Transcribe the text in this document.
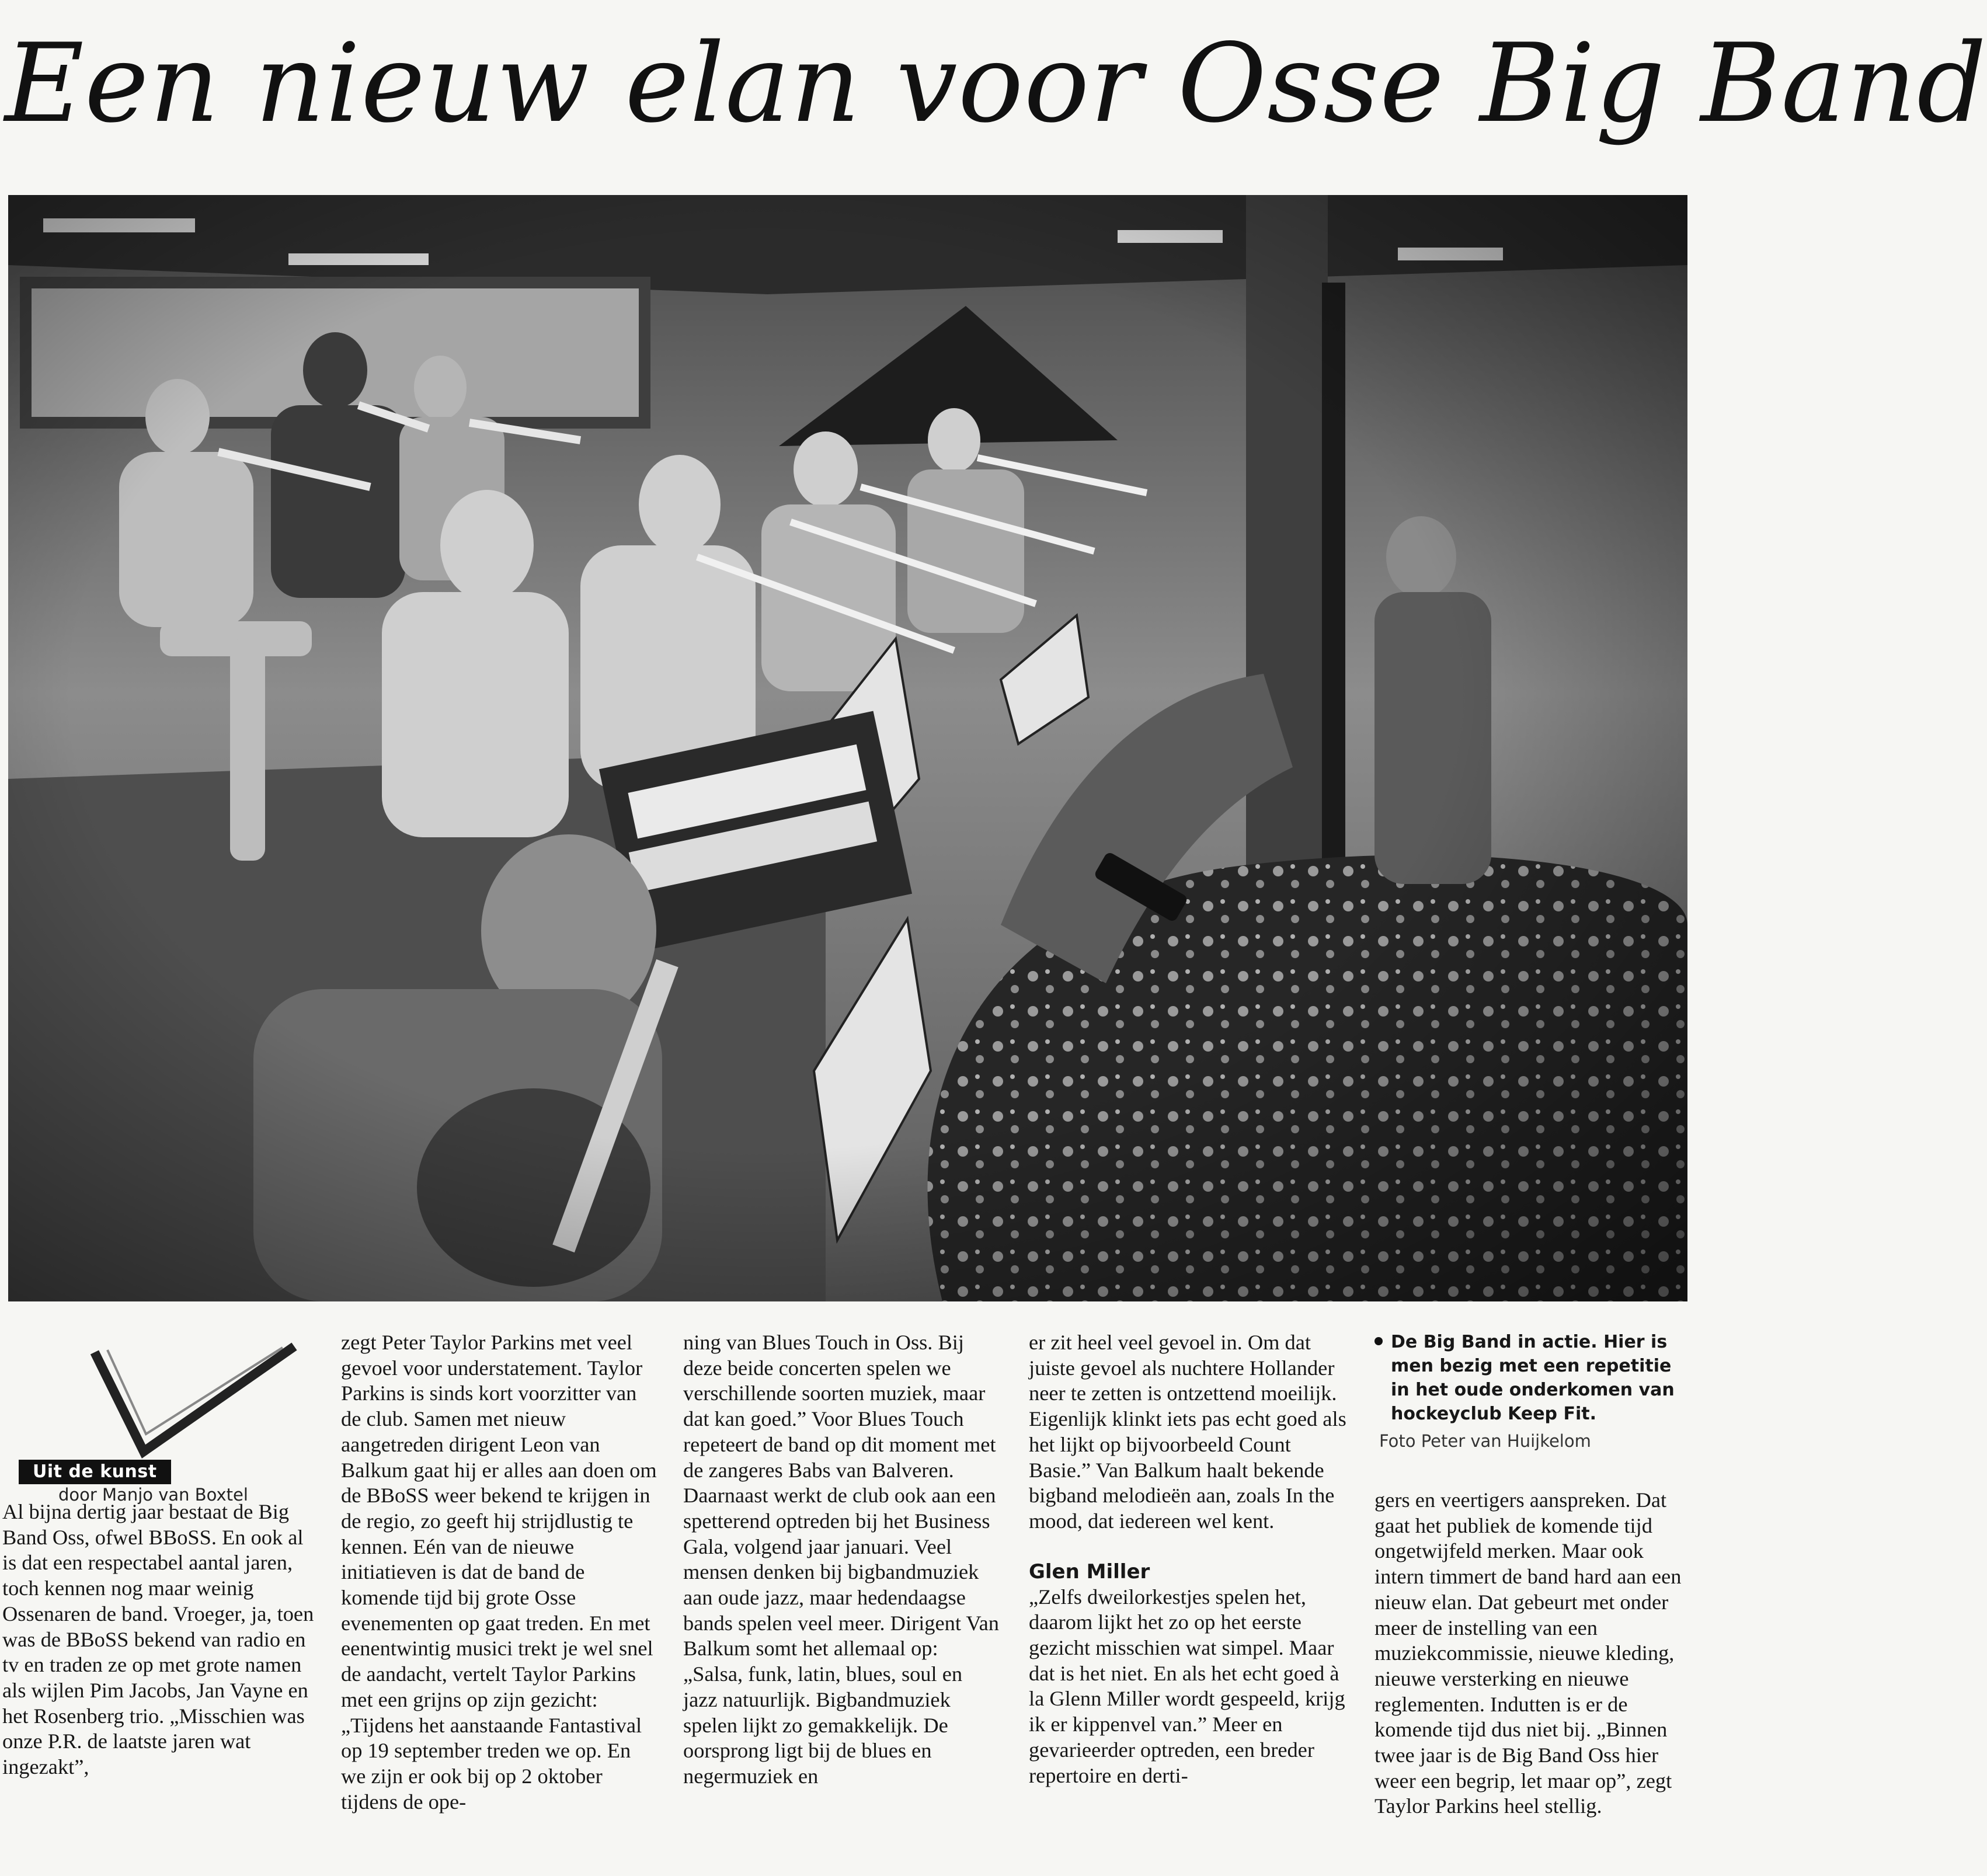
Een nieuw elan voor Osse Big Band
Uit de kunst
door Manjo van Boxtel

Al bijna dertig jaar bestaat de Big Band Oss, ofwel BBoSS. En ook al is dat een respectabel aantal jaren, toch kennen nog maar weinig Ossenaren de band. Vroeger, ja, toen was de BBoSS bekend van radio en tv en traden ze op met grote namen als wijlen Pim Jacobs, Jan Vayne en het Rosenberg trio. „Misschien was onze P.R. de laatste jaren wat ingezakt”,

zegt Peter Taylor Parkins met veel gevoel voor understatement. Taylor Parkins is sinds kort voorzitter van de club. Samen met nieuw aangetreden dirigent Leon van Balkum gaat hij er alles aan doen om de BBoSS weer bekend te krijgen in de regio, zo geeft hij strijdlustig te kennen. Eén van de nieuwe initiatieven is dat de band de komende tijd bij grote Osse evenementen op gaat treden. En met eenentwintig musici trekt je wel snel de aandacht, vertelt Taylor Parkins met een grijns op zijn gezicht: „Tijdens het aanstaande Fantastival op 19 september treden we op. En we zijn er ook bij op 2 oktober tijdens de ope-

ning van Blues Touch in Oss. Bij deze beide concerten spelen we verschillende soorten muziek, maar dat kan goed.” Voor Blues Touch repeteert de band op dit moment met de zangeres Babs van Balveren. Daarnaast werkt de club ook aan een spetterend optreden bij het Business Gala, volgend jaar januari. Veel mensen denken bij bigbandmuziek aan oude jazz, maar hedendaagse bands spelen veel meer. Dirigent Van Balkum somt het allemaal op: „Salsa, funk, latin, blues, soul en jazz natuurlijk. Bigbandmuziek spelen lijkt zo gemakkelijk. De oorsprong ligt bij de blues en negermuziek en

er zit heel veel gevoel in. Om dat juiste gevoel als nuchtere Hollander neer te zetten is ontzettend moeilijk. Eigenlijk klinkt iets pas echt goed als het lijkt op bijvoorbeeld Count Basie.” Van Balkum haalt bekende bigband melodieën aan, zoals In the mood, dat iedereen wel kent.

Glen Miller

„Zelfs dweilorkestjes spelen het, daarom lijkt het zo op het eerste gezicht misschien wat simpel. Maar dat is het niet. En als het echt goed à la Glenn Miller wordt gespeeld, krijg ik er kippenvel van.” Meer en gevarieerder optreden, een breder repertoire en derti-

De Big Band in actie. Hier is men bezig met een repetitie in het oude onderkomen van hockeyclub Keep Fit.

Foto Peter van Huijkelom

gers en veertigers aanspreken. Dat gaat het publiek de komende tijd ongetwijfeld merken. Maar ook intern timmert de band hard aan een nieuw elan. Dat gebeurt met onder meer de instelling van een muziekcommissie, nieuwe kleding, nieuwe versterking en nieuwe reglementen. Indutten is er de komende tijd dus niet bij. „Binnen twee jaar is de Big Band Oss hier weer een begrip, let maar op”, zegt Taylor Parkins heel stellig.
